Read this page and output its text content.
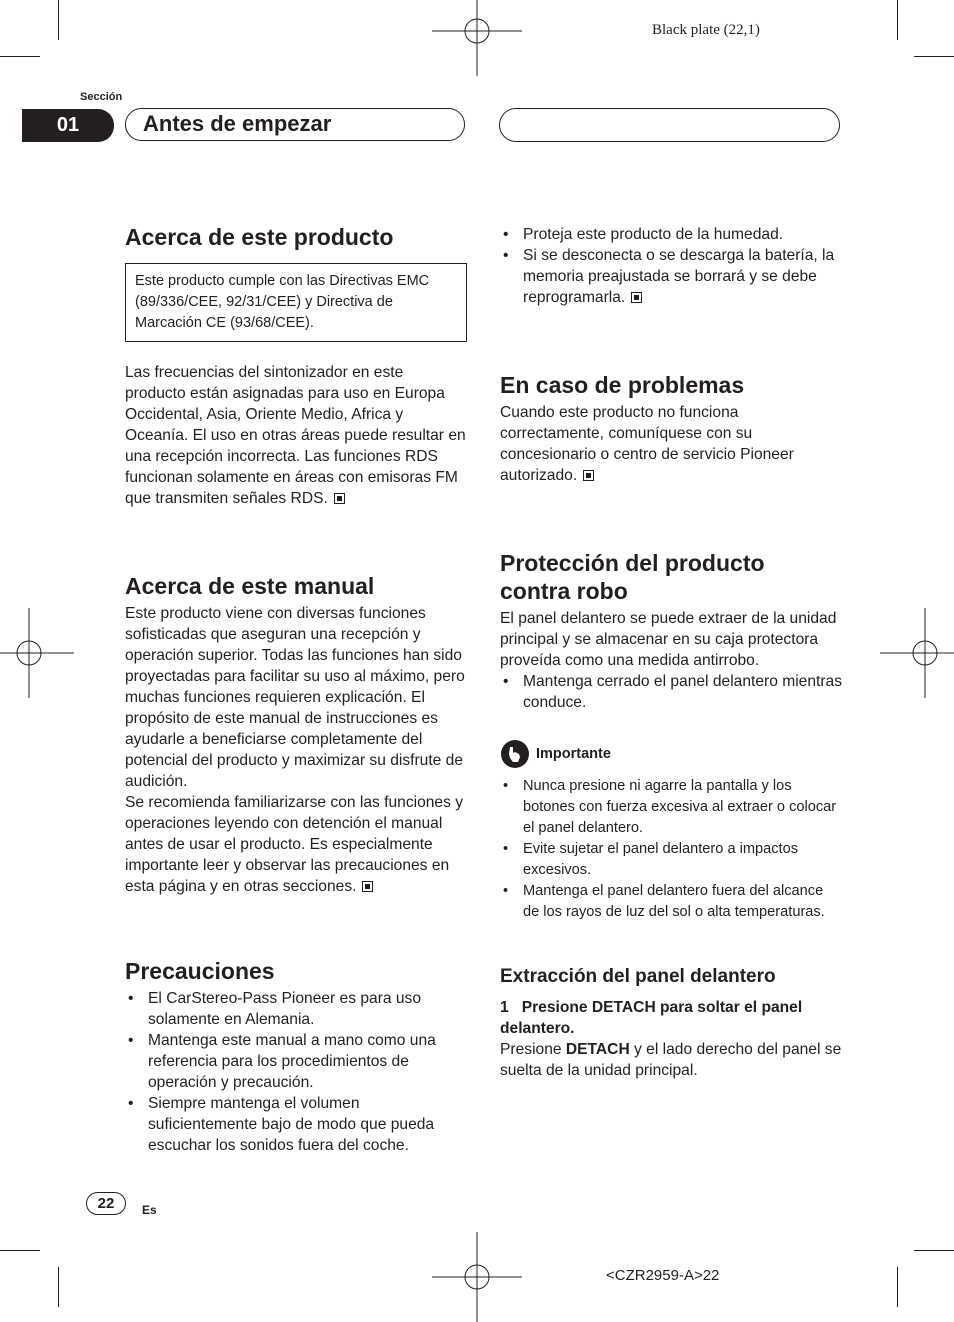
Black plate (22,1)
Sección
01	Antes de empezar
Acerca de este producto
Este producto cumple con las Directivas EMC (89/336/CEE, 92/31/CEE) y Directiva de Marcación CE (93/68/CEE).

Las frecuencias del sintonizador en este producto están asignadas para uso en Europa Occidental, Asia, Oriente Medio, Africa y Oceanía. El uso en otras áreas puede resultar en una recepción incorrecta. Las funciones RDS funcionan solamente en áreas con emisoras FM que transmiten señales RDS.

Acerca de este manual

Este producto viene con diversas funciones sofisticadas que aseguran una recepción y operación superior. Todas las funciones han sido proyectadas para facilitar su uso al máximo, pero muchas funciones requieren explicación. El propósito de este manual de instrucciones es ayudarle a beneficiarse completamente del potencial del producto y maximizar su disfrute de audición.

Se recomienda familiarizarse con las funciones y operaciones leyendo con detención el manual antes de usar el producto. Es especialmente importante leer y observar las precauciones en esta página y en otras secciones.

Precauciones
• El CarStereo-Pass Pioneer es para uso solamente en Alemania.
• Mantenga este manual a mano como una referencia para los procedimientos de operación y precaución.
• Siempre mantenga el volumen suficientemente bajo de modo que pueda escuchar los sonidos fuera del coche.
• Proteja este producto de la humedad.
• Si se desconecta o se descarga la batería, la memoria preajustada se borrará y se debe reprogramarla.
En caso de problemas

Cuando este producto no funciona correctamente, comuníquese con su concesionario o centro de servicio Pioneer autorizado.

Protección del producto
contra robo

El panel delantero se puede extraer de la unidad principal y se almacenar en su caja protectora proveída como una medida antirrobo.

• Mantenga cerrado el panel delantero mientras conduce.
Importante
• Nunca presione ni agarre la pantalla y los botones con fuerza excesiva al extraer o colocar el panel delantero.
• Evite sujetar el panel delantero a impactos excesivos.
• Mantenga el panel delantero fuera del alcance de los rayos de luz del sol o alta temperaturas.
Extracción del panel delantero

1 Presione DETACH para soltar el panel delantero.

Presione DETACH y el lado derecho del panel se suelta de la unidad principal.

22	Es
<CZR2959-A>22
